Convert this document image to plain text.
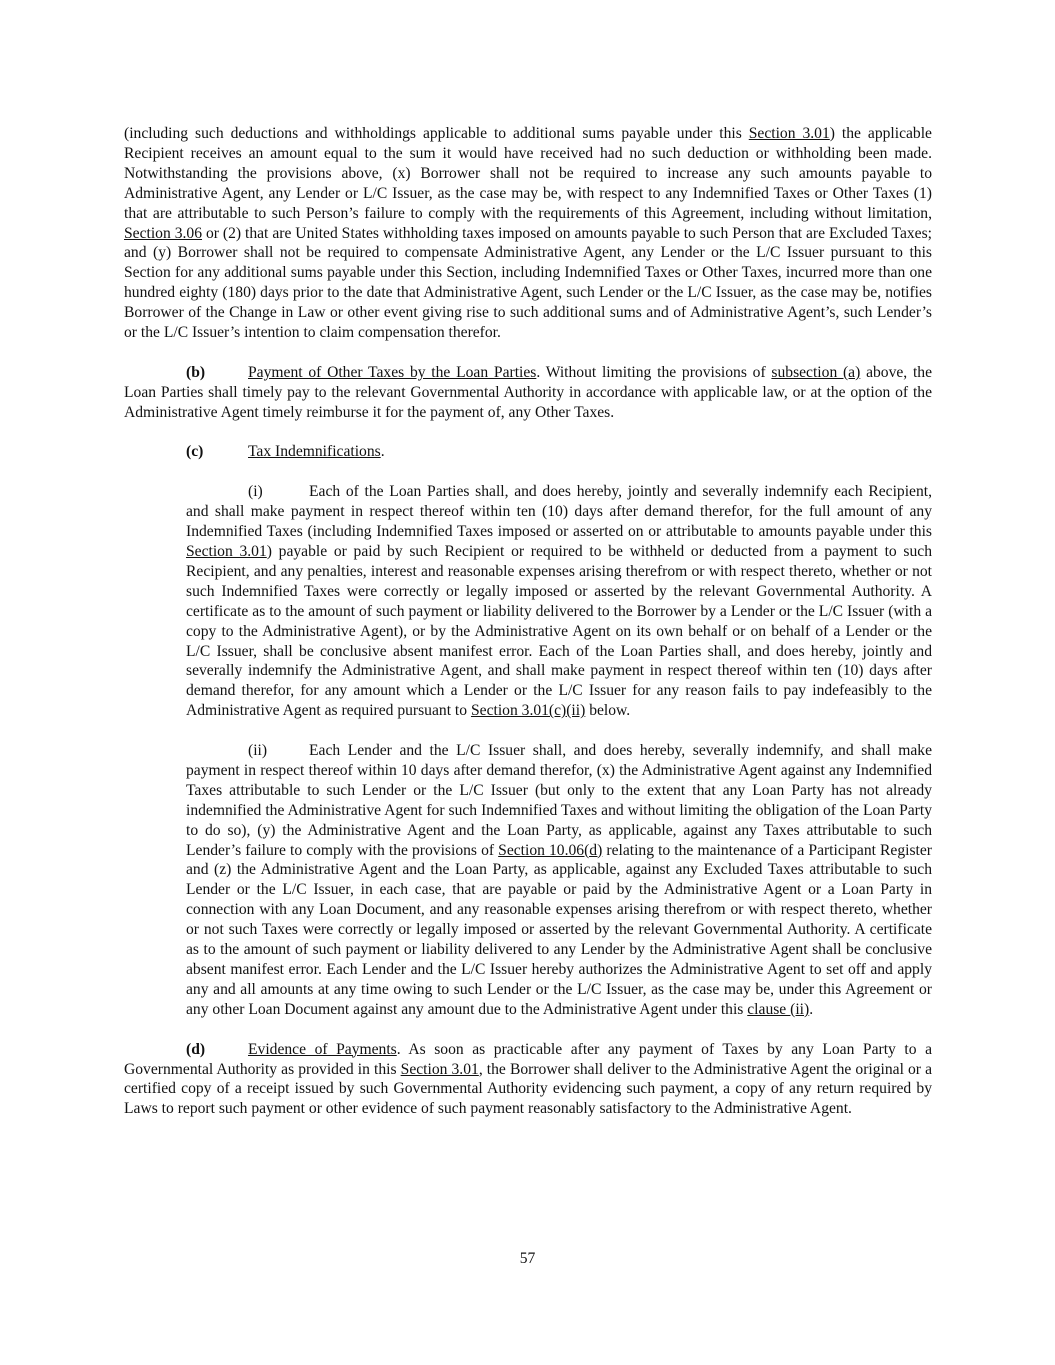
(including such deductions and withholdings applicable to additional sums payable under this Section 3.01) the applicable Recipient receives an amount equal to the sum it would have received had no such deduction or withholding been made. Notwithstanding the provisions above, (x) Borrower shall not be required to increase any such amounts payable to Administrative Agent, any Lender or L/C Issuer, as the case may be, with respect to any Indemnified Taxes or Other Taxes (1) that are attributable to such Person’s failure to comply with the requirements of this Agreement, including without limitation, Section 3.06 or (2) that are United States withholding taxes imposed on amounts payable to such Person that are Excluded Taxes; and (y) Borrower shall not be required to compensate Administrative Agent, any Lender or the L/C Issuer pursuant to this Section for any additional sums payable under this Section, including Indemnified Taxes or Other Taxes, incurred more than one hundred eighty (180) days prior to the date that Administrative Agent, such Lender or the L/C Issuer, as the case may be, notifies Borrower of the Change in Law or other event giving rise to such additional sums and of Administrative Agent’s, such Lender’s or the L/C Issuer’s intention to claim compensation therefor.

(b)	Payment of Other Taxes by the Loan Parties. Without limiting the provisions of subsection (a) above, the Loan Parties shall timely pay to the relevant Governmental Authority in accordance with applicable law, or at the option of the Administrative Agent timely reimburse it for the payment of, any Other Taxes.

(c)	Tax Indemnifications.

(i)	Each of the Loan Parties shall, and does hereby, jointly and severally indemnify each Recipient, and shall make payment in respect thereof within ten (10) days after demand therefor, for the full amount of any Indemnified Taxes (including Indemnified Taxes imposed or asserted on or attributable to amounts payable under this Section 3.01) payable or paid by such Recipient or required to be withheld or deducted from a payment to such Recipient, and any penalties, interest and reasonable expenses arising therefrom or with respect thereto, whether or not such Indemnified Taxes were correctly or legally imposed or asserted by the relevant Governmental Authority. A certificate as to the amount of such payment or liability delivered to the Borrower by a Lender or the L/C Issuer (with a copy to the Administrative Agent), or by the Administrative Agent on its own behalf or on behalf of a Lender or the L/C Issuer, shall be conclusive absent manifest error. Each of the Loan Parties shall, and does hereby, jointly and severally indemnify the Administrative Agent, and shall make payment in respect thereof within ten (10) days after demand therefor, for any amount which a Lender or the L/C Issuer for any reason fails to pay indefeasibly to the Administrative Agent as required pursuant to Section 3.01(c)(ii) below.

(ii)	Each Lender and the L/C Issuer shall, and does hereby, severally indemnify, and shall make payment in respect thereof within 10 days after demand therefor, (x) the Administrative Agent against any Indemnified Taxes attributable to such Lender or the L/C Issuer (but only to the extent that any Loan Party has not already indemnified the Administrative Agent for such Indemnified Taxes and without limiting the obligation of the Loan Party to do so), (y) the Administrative Agent and the Loan Party, as applicable, against any Taxes attributable to such Lender’s failure to comply with the provisions of Section 10.06(d) relating to the maintenance of a Participant Register and (z) the Administrative Agent and the Loan Party, as applicable, against any Excluded Taxes attributable to such Lender or the L/C Issuer, in each case, that are payable or paid by the Administrative Agent or a Loan Party in connection with any Loan Document, and any reasonable expenses arising therefrom or with respect thereto, whether or not such Taxes were correctly or legally imposed or asserted by the relevant Governmental Authority. A certificate as to the amount of such payment or liability delivered to any Lender by the Administrative Agent shall be conclusive absent manifest error. Each Lender and the L/C Issuer hereby authorizes the Administrative Agent to set off and apply any and all amounts at any time owing to such Lender or the L/C Issuer, as the case may be, under this Agreement or any other Loan Document against any amount due to the Administrative Agent under this clause (ii).

(d)	Evidence of Payments. As soon as practicable after any payment of Taxes by any Loan Party to a Governmental Authority as provided in this Section 3.01, the Borrower shall deliver to the Administrative Agent the original or a certified copy of a receipt issued by such Governmental Authority evidencing such payment, a copy of any return required by Laws to report such payment or other evidence of such payment reasonably satisfactory to the Administrative Agent.

57
